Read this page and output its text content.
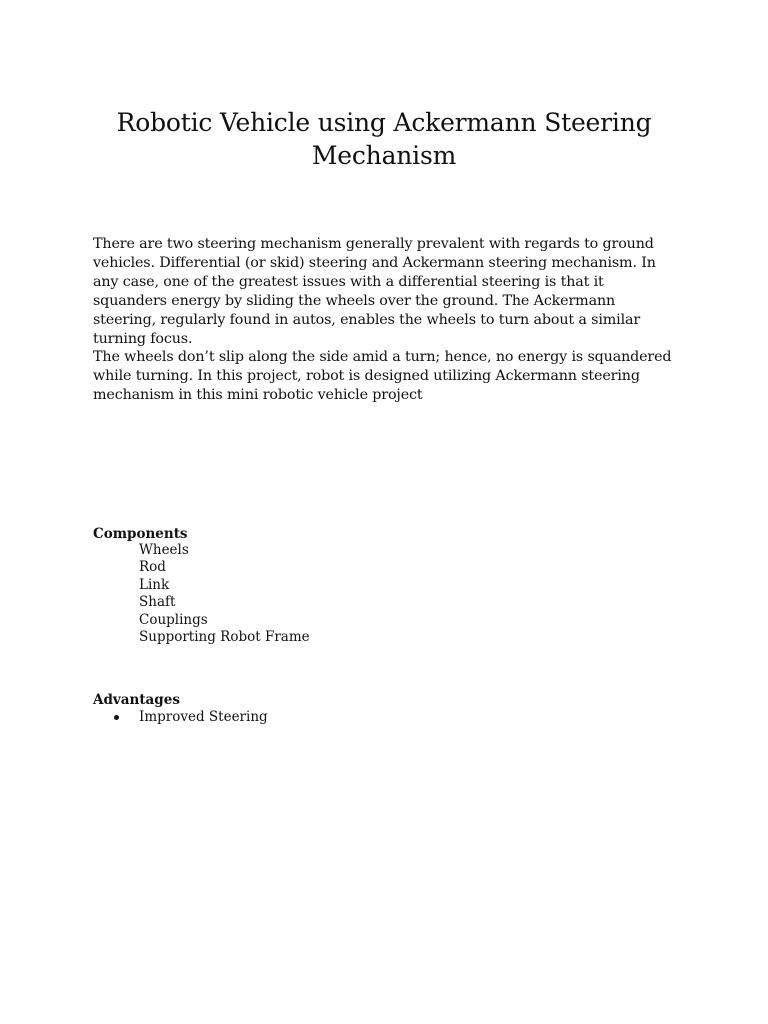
Robotic Vehicle using Ackermann Steering Mechanism

There are two steering mechanism generally prevalent with regards to ground vehicles. Differential (or skid) steering and Ackermann steering mechanism. In any case, one of the greatest issues with a differential steering is that it squanders energy by sliding the wheels over the ground. The Ackermann steering, regularly found in autos, enables the wheels to turn about a similar turning focus.

The wheels don’t slip along the side amid a turn; hence, no energy is squandered while turning. In this project, robot is designed utilizing Ackermann steering mechanism in this mini robotic vehicle project

Components
Wheels
Rod
Link
Shaft
Couplings
Supporting Robot Frame
Advantages
Improved Steering
